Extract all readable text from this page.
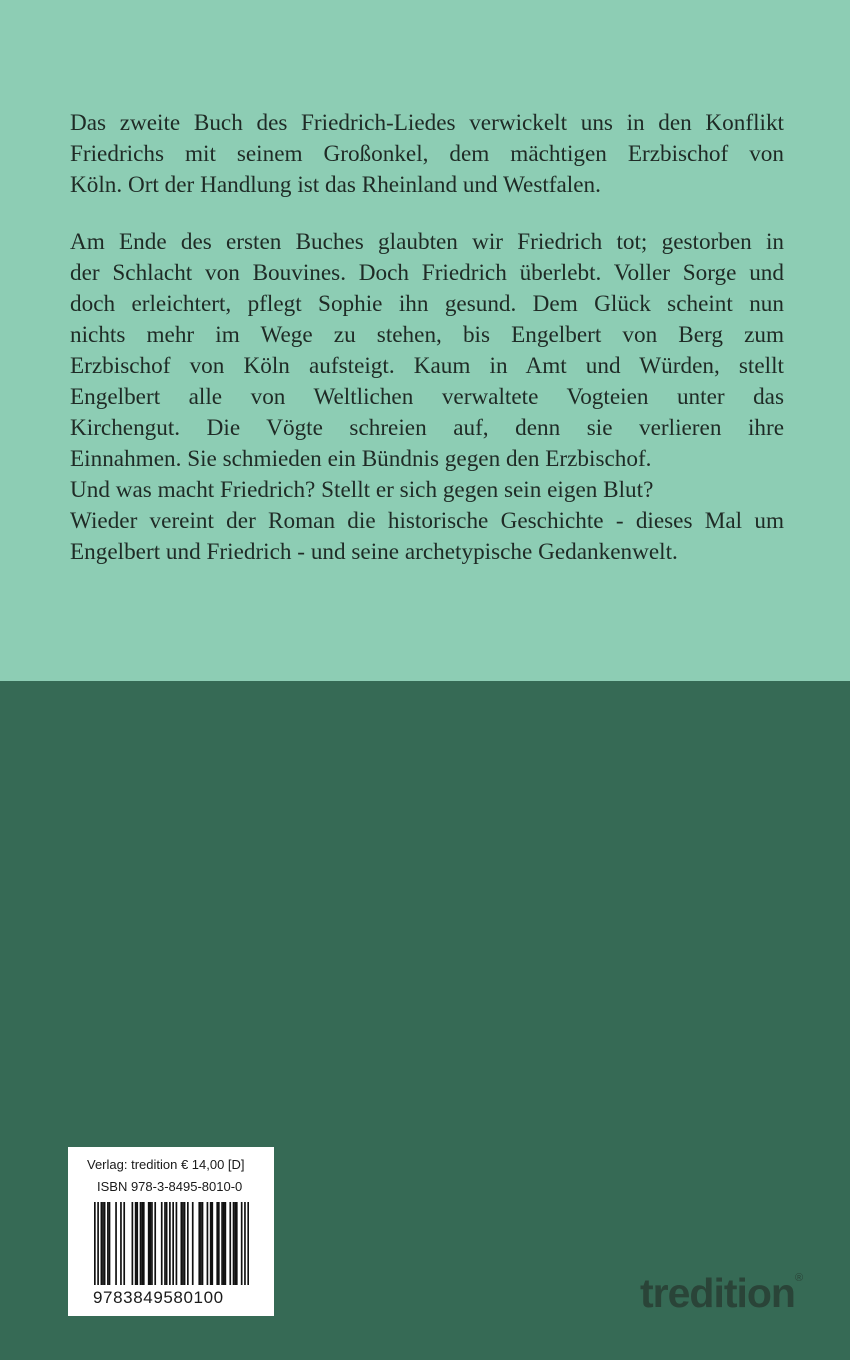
Das zweite Buch des Friedrich-Liedes verwickelt uns in den Konflikt
Friedrichs mit seinem Großonkel, dem mächtigen Erzbischof von
Köln. Ort der Handlung ist das Rheinland und Westfalen.
Am Ende des ersten Buches glaubten wir Friedrich tot; gestorben in
der Schlacht von Bouvines. Doch Friedrich überlebt. Voller Sorge und
doch erleichtert, pflegt Sophie ihn gesund. Dem Glück scheint nun
nichts mehr im Wege zu stehen, bis Engelbert von Berg zum
Erzbischof von Köln aufsteigt. Kaum in Amt und Würden, stellt
Engelbert alle von Weltlichen verwaltete Vogteien unter das
Kirchengut. Die Vögte schreien auf, denn sie verlieren ihre
Einnahmen. Sie schmieden ein Bündnis gegen den Erzbischof.
Und was macht Friedrich? Stellt er sich gegen sein eigen Blut?
Wieder vereint der Roman die historische Geschichte - dieses Mal um
Engelbert und Friedrich - und seine archetypische Gedankenwelt.
Verlag: tredition € 14,00 [D]
ISBN 978-3-8495-8010-0
9783849580100	tredition®
